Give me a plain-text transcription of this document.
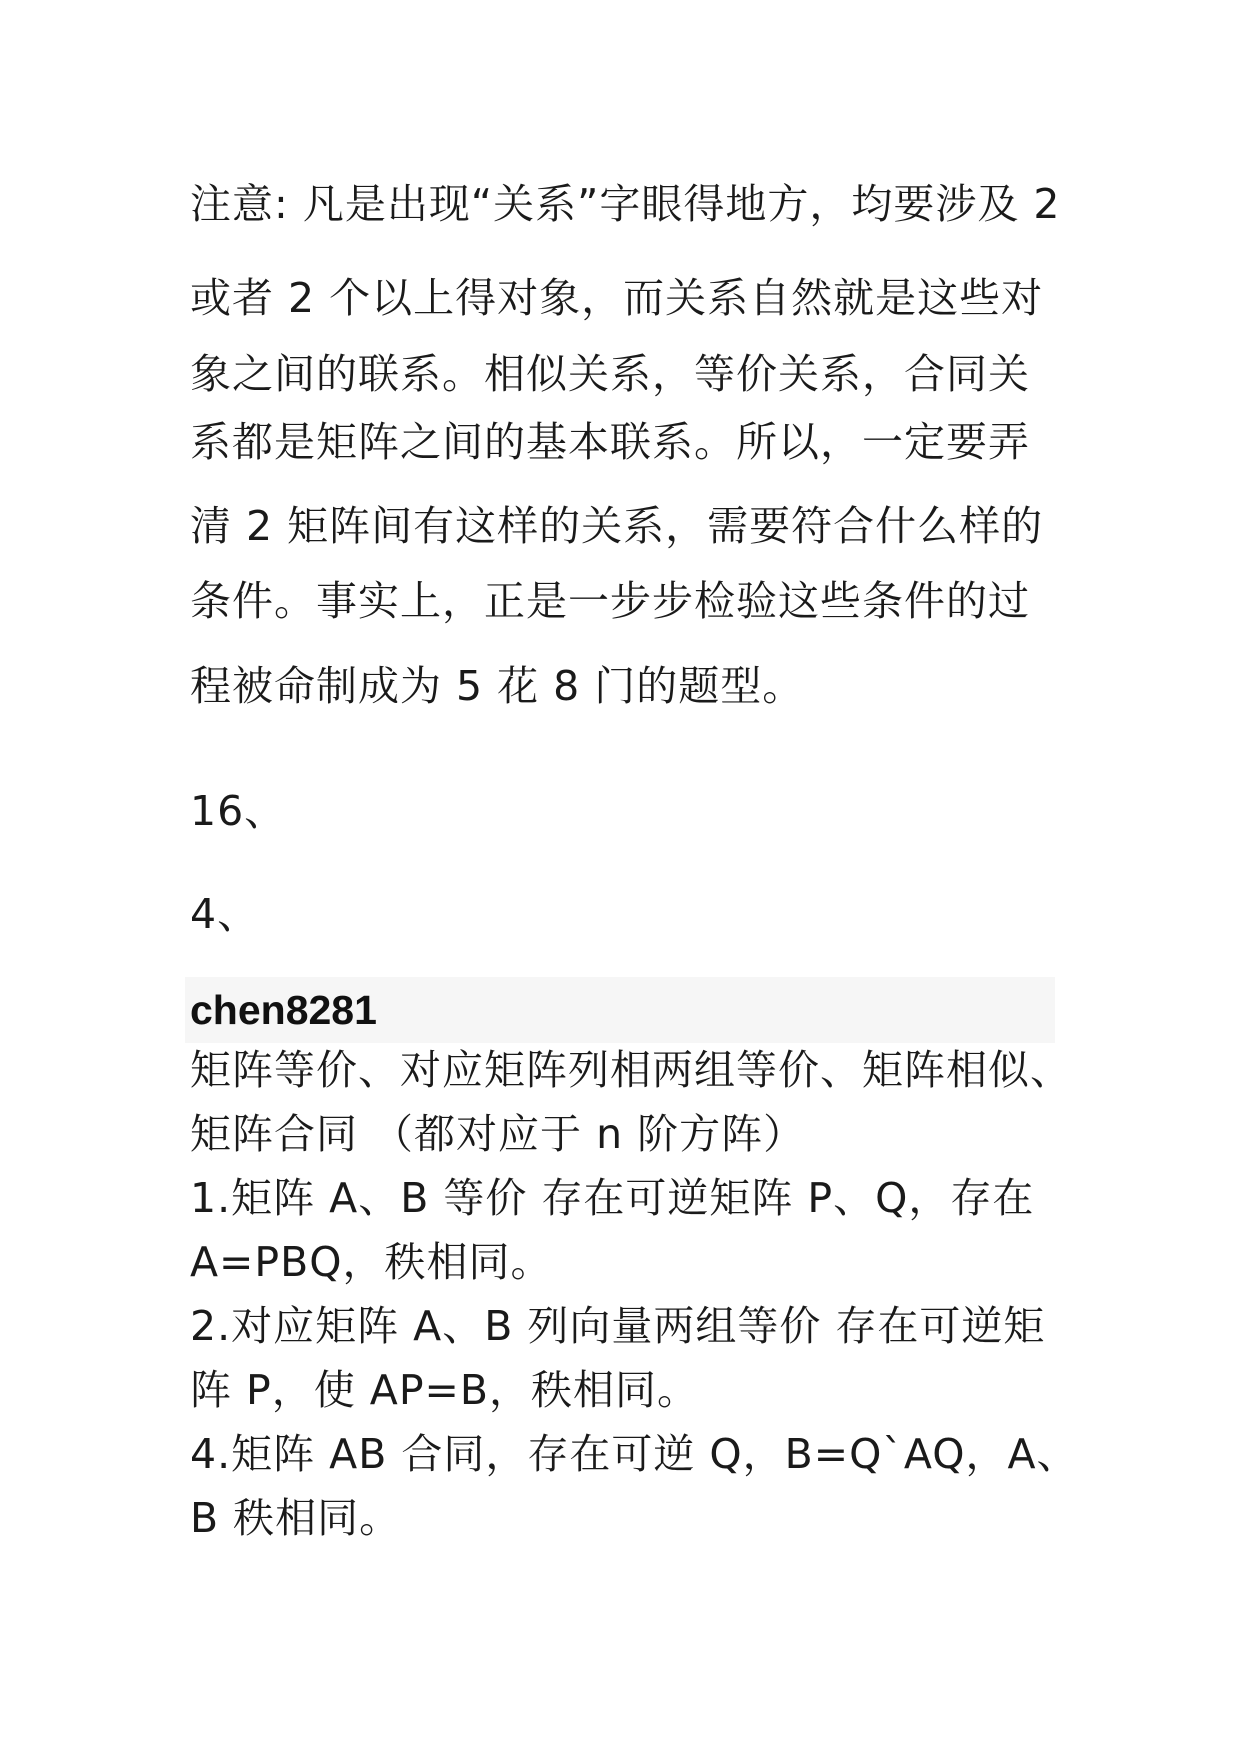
注意: 凡是出现“关系”字眼得地方，均要涉及 2
或者 2 个以上得对象，而关系自然就是这些对
象之间的联系。相似关系，等价关系，合同关
系都是矩阵之间的基本联系。所以，一定要弄
清 2 矩阵间有这样的关系，需要符合什么样的
条件。事实上，正是一步步检验这些条件的过
程被命制成为 5 花 8 门的题型。
16、
4、
chen8281
矩阵等价、对应矩阵列相两组等价、矩阵相似、
矩阵合同 （都对应于 n 阶方阵）
1.矩阵 A、B 等价 存在可逆矩阵 P、Q，存在
A=PBQ，秩相同。
2.对应矩阵 A、B 列向量两组等价 存在可逆矩
阵 P，使 AP=B，秩相同。
4.矩阵 AB 合同，存在可逆 Q，B=Q`AQ，A、
B 秩相同。
